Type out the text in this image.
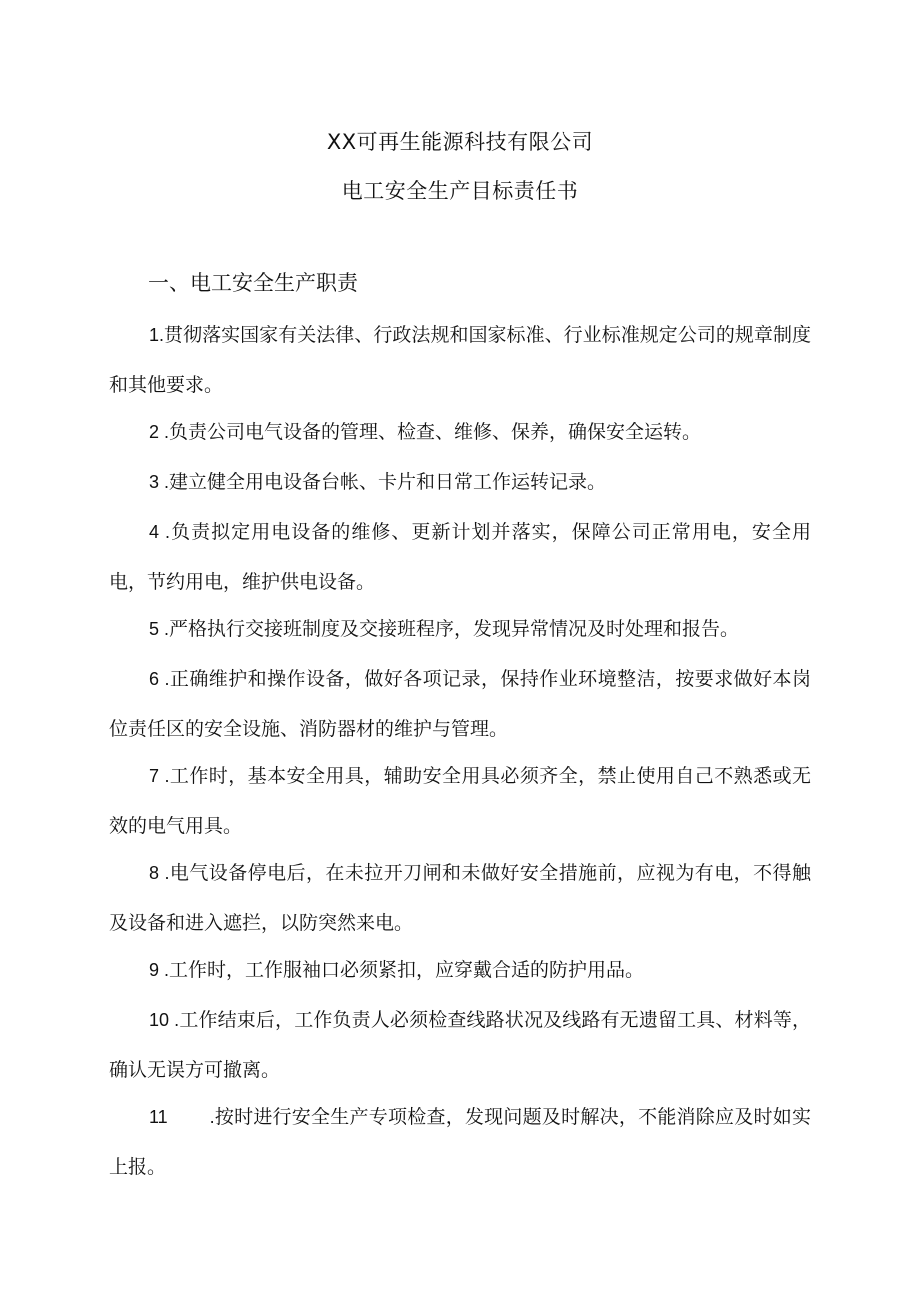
XX可再生能源科技有限公司
电工安全生产目标责任书
一、电工安全生产职责

1.贯彻落实国家有关法律、行政法规和国家标准、行业标准规定公司的规章制度和其他要求。

2 .负责公司电气设备的管理、检查、维修、保养，确保安全运转。

3 .建立健全用电设备台帐、卡片和日常工作运转记录。

4 .负责拟定用电设备的维修、更新计划并落实，保障公司正常用电，安全用电，节约用电，维护供电设备。

5 .严格执行交接班制度及交接班程序，发现异常情况及时处理和报告。

6 .正确维护和操作设备，做好各项记录，保持作业环境整洁，按要求做好本岗位责任区的安全设施、消防器材的维护与管理。

7 .工作时，基本安全用具，辅助安全用具必须齐全，禁止使用自己不熟悉或无效的电气用具。

8 .电气设备停电后，在未拉开刀闸和未做好安全措施前，应视为有电，不得触及设备和进入遮拦，以防突然来电。

9 .工作时，工作服袖口必须紧扣，应穿戴合适的防护用品。

10 .工作结束后，工作负责人必须检查线路状况及线路有无遗留工具、材料等，确认无误方可撤离。

11        .按时进行安全生产专项检查，发现问题及时解决，不能消除应及时如实上报。
